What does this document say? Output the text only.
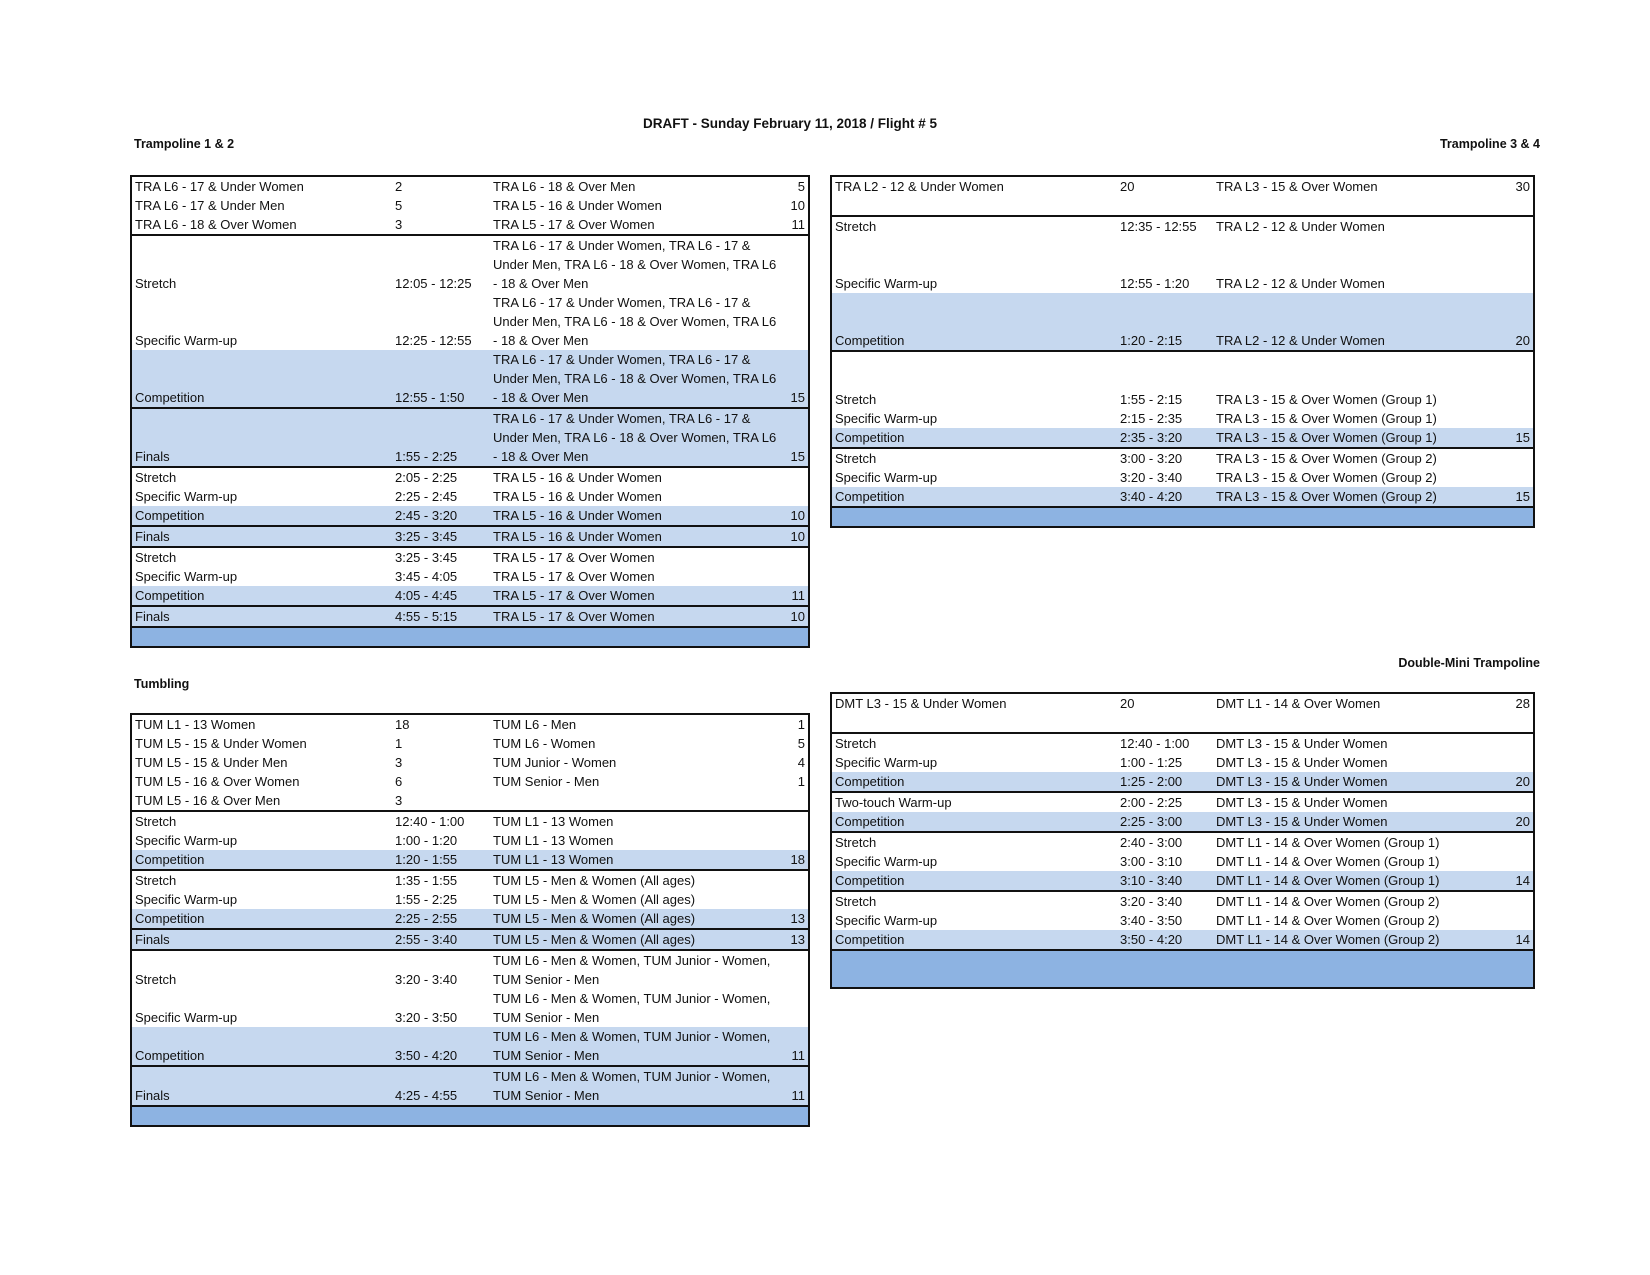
DRAFT - Sunday February 11, 2018 / Flight # 5
Trampoline 1 & 2	Trampoline 3 & 4
Tumbling
Double-Mini Trampoline
TRA L6 - 17 & Under Women	2	TRA L6 - 18 & Over Men	5
TRA L6 - 17 & Under Men	5	TRA L5 - 16 & Under Women	10
TRA L6 - 18 & Over Women	3	TRA L5 - 17 & Over Women	11
Stretch	12:05 - 12:25	TRA L6 - 17 & Under Women, TRA L6 - 17 & Under Men, TRA L6 - 18 & Over Women, TRA L6 - 18 & Over Men	
Specific Warm-up	12:25 - 12:55	TRA L6 - 17 & Under Women, TRA L6 - 17 & Under Men, TRA L6 - 18 & Over Women, TRA L6 - 18 & Over Men	
Competition	12:55 - 1:50	TRA L6 - 17 & Under Women, TRA L6 - 17 & Under Men, TRA L6 - 18 & Over Women, TRA L6 - 18 & Over Men	15
Finals	1:55 - 2:25	TRA L6 - 17 & Under Women, TRA L6 - 17 & Under Men, TRA L6 - 18 & Over Women, TRA L6 - 18 & Over Men	15
Stretch	2:05 - 2:25	TRA L5 - 16 & Under Women	
Specific Warm-up	2:25 - 2:45	TRA L5 - 16 & Under Women	
Competition	2:45 - 3:20	TRA L5 - 16 & Under Women	10
Finals	3:25 - 3:45	TRA L5 - 16 & Under Women	10
Stretch	3:25 - 3:45	TRA L5 - 17 & Over Women	
Specific Warm-up	3:45 - 4:05	TRA L5 - 17 & Over Women	
Competition	4:05 - 4:45	TRA L5 - 17 & Over Women	11
Finals	4:55 - 5:15	TRA L5 - 17 & Over Women	10
TRA L2 - 12 & Under Women	20	TRA L3 - 15 & Over Women	30
Stretch	12:35 - 12:55	TRA L2 - 12 & Under Women	
Specific Warm-up	12:55 - 1:20	TRA L2 - 12 & Under Women	
Competition	1:20 - 2:15	TRA L2 - 12 & Under Women	20
Stretch	1:55 - 2:15	TRA L3 - 15 & Over Women (Group 1)	
Specific Warm-up	2:15 - 2:35	TRA L3 - 15 & Over Women (Group 1)	
Competition	2:35 - 3:20	TRA L3 - 15 & Over Women (Group 1)	15
Stretch	3:00 - 3:20	TRA L3 - 15 & Over Women (Group 2)	
Specific Warm-up	3:20 - 3:40	TRA L3 - 15 & Over Women (Group 2)	
Competition	3:40 - 4:20	TRA L3 - 15 & Over Women (Group 2)	15
TUM L1 - 13 Women	18	TUM L6 - Men	1
TUM L5 - 15 & Under Women	1	TUM L6 - Women	5
TUM L5 - 15 & Under Men	3	TUM Junior - Women	4
TUM L5 - 16 & Over Women	6	TUM Senior - Men	1
TUM L5 - 16 & Over Men	3		
Stretch	12:40 - 1:00	TUM L1 - 13 Women	
Specific Warm-up	1:00 - 1:20	TUM L1 - 13 Women	
Competition	1:20 - 1:55	TUM L1 - 13 Women	18
Stretch	1:35 - 1:55	TUM L5 - Men & Women (All ages)	
Specific Warm-up	1:55 - 2:25	TUM L5 - Men & Women (All ages)	
Competition	2:25 - 2:55	TUM L5 - Men & Women (All ages)	13
Finals	2:55 - 3:40	TUM L5 - Men & Women (All ages)	13
Stretch	3:20 - 3:40	TUM L6 - Men & Women, TUM Junior - Women, TUM Senior - Men	
Specific Warm-up	3:20 - 3:50	TUM L6 - Men & Women, TUM Junior - Women, TUM Senior - Men	
Competition	3:50 - 4:20	TUM L6 - Men & Women, TUM Junior - Women, TUM Senior - Men	11
Finals	4:25 - 4:55	TUM L6 - Men & Women, TUM Junior - Women, TUM Senior - Men	11
DMT L3 - 15 & Under Women	20	DMT L1 - 14 & Over Women	28
Stretch	12:40 - 1:00	DMT L3 - 15 & Under Women	
Specific Warm-up	1:00 - 1:25	DMT L3 - 15 & Under Women	
Competition	1:25 - 2:00	DMT L3 - 15 & Under Women	20
Two-touch Warm-up	2:00 - 2:25	DMT L3 - 15 & Under Women	
Competition	2:25 - 3:00	DMT L3 - 15 & Under Women	20
Stretch	2:40 - 3:00	DMT L1 - 14 & Over Women (Group 1)	
Specific Warm-up	3:00 - 3:10	DMT L1 - 14 & Over Women (Group 1)	
Competition	3:10 - 3:40	DMT L1 - 14 & Over Women (Group 1)	14
Stretch	3:20 - 3:40	DMT L1 - 14 & Over Women (Group 2)	
Specific Warm-up	3:40 - 3:50	DMT L1 - 14 & Over Women (Group 2)	
Competition	3:50 - 4:20	DMT L1 - 14 & Over Women (Group 2)	14
